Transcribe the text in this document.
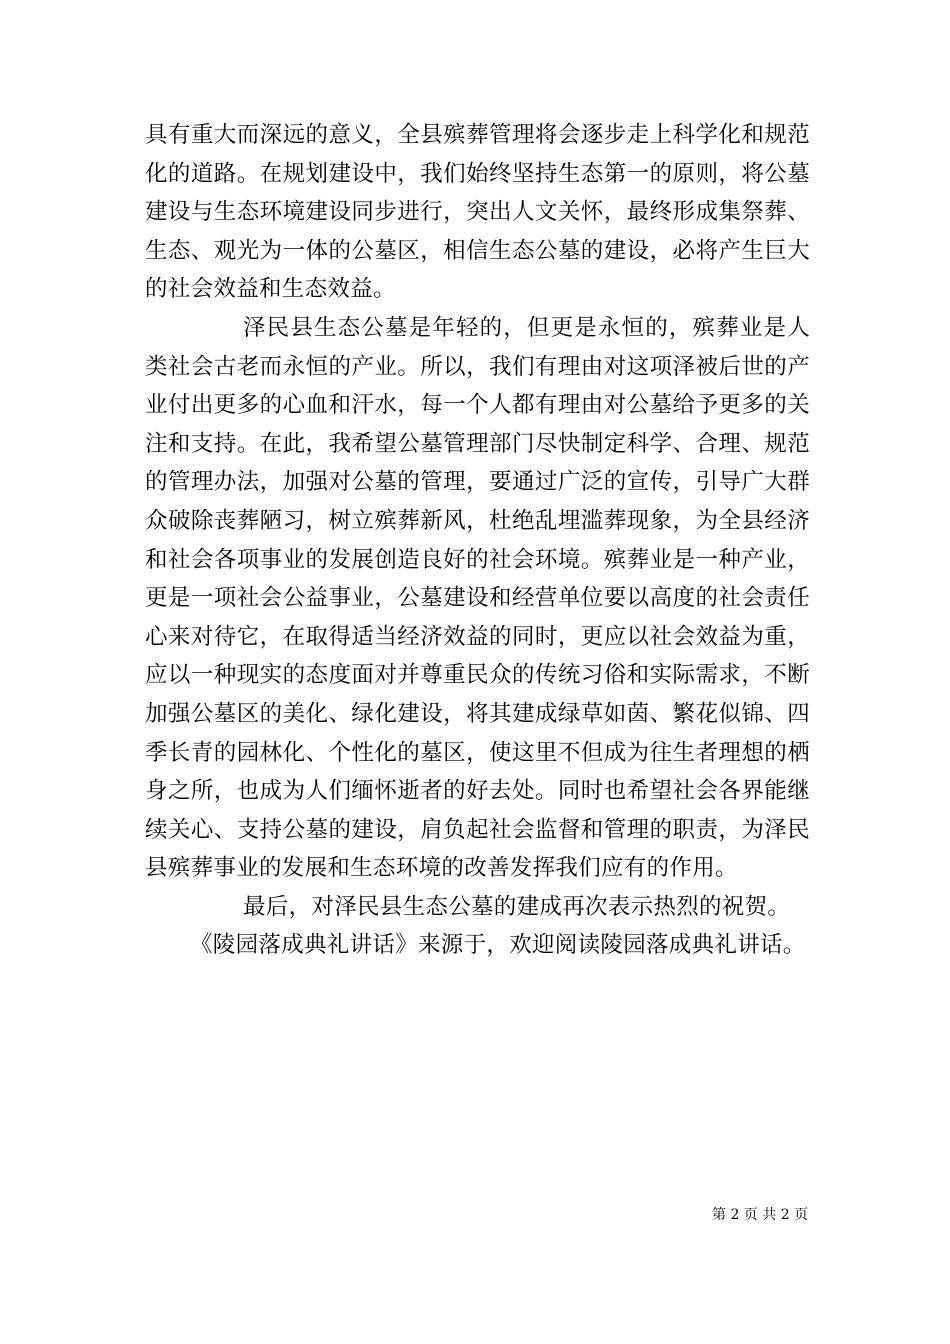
具有重大而深远的意义，全县殡葬管理将会逐步走上科学化和规范化的道路。在规划建设中，我们始终坚持生态第一的原则，将公墓建设与生态环境建设同步进行，突出人文关怀，最终形成集祭葬、生态、观光为一体的公墓区，相信生态公墓的建设，必将产生巨大的社会效益和生态效益。

泽民县生态公墓是年轻的，但更是永恒的，殡葬业是人类社会古老而永恒的产业。所以，我们有理由对这项泽被后世的产业付出更多的心血和汗水，每一个人都有理由对公墓给予更多的关注和支持。在此，我希望公墓管理部门尽快制定科学、合理、规范的管理办法，加强对公墓的管理，要通过广泛的宣传，引导广大群众破除丧葬陋习，树立殡葬新风，杜绝乱埋滥葬现象，为全县经济和社会各项事业的发展创造良好的社会环境。殡葬业是一种产业，更是一项社会公益事业，公墓建设和经营单位要以高度的社会责任心来对待它，在取得适当经济效益的同时，更应以社会效益为重，应以一种现实的态度面对并尊重民众的传统习俗和实际需求，不断加强公墓区的美化、绿化建设，将其建成绿草如茵、繁花似锦、四季长青的园林化、个性化的墓区，使这里不但成为往生者理想的栖身之所，也成为人们缅怀逝者的好去处。同时也希望社会各界能继续关心、支持公墓的建设，肩负起社会监督和管理的职责，为泽民县殡葬事业的发展和生态环境的改善发挥我们应有的作用。

最后，对泽民县生态公墓的建成再次表示热烈的祝贺。

《陵园落成典礼讲话》来源于，欢迎阅读陵园落成典礼讲话。

第 2 页 共 2 页
